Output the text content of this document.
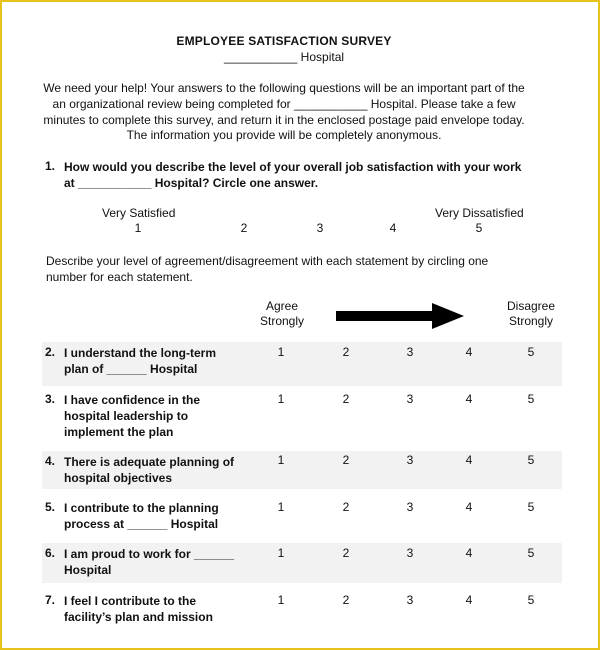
EMPLOYEE SATISFACTION SURVEY
___________ Hospital

We need your help! Your answers to the following questions will be an important part of the an organizational review being completed for ___________ Hospital. Please take a few minutes to complete this survey, and return it in the enclosed postage paid envelope today. The information you provide will be completely anonymous.

1. How would you describe the level of your overall job satisfaction with your work at ___________ Hospital? Circle one answer.
Very Satisfied	Very Dissatisfied
1	2	3	4	5
Describe your level of agreement/disagreement with each statement by circling one number for each statement.
Agree
Strongly
Disagree
Strongly
2. I understand the long-term plan of ______ Hospital
1	2	3	4	5
3. I have confidence in the hospital leadership to implement the plan
1	2	3	4	5
4. There is adequate planning of hospital objectives
1	2	3	4	5
5. I contribute to the planning process at ______ Hospital
1	2	3	4	5
6. I am proud to work for ______ Hospital
1	2	3	4	5
7. I feel I contribute to the facility’s plan and mission
1	2	3	4	5
